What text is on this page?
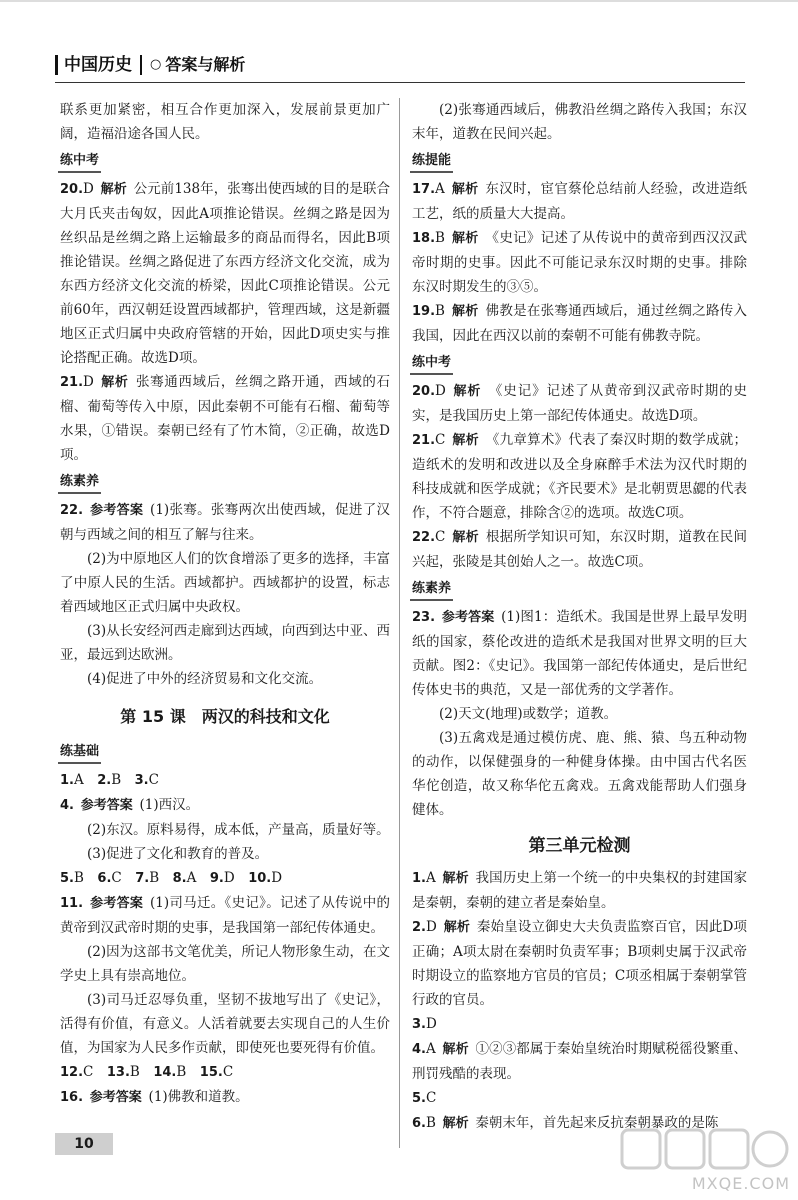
中国历史 ○ 答案与解析

联系更加紧密，相互合作更加深入，发展前景更加广阔，造福沿途各国人民。

练中考

20.D  解析  公元前138年，张骞出使西域的目的是联合大月氏夹击匈奴，因此A项推论错误。丝绸之路是因为丝织品是丝绸之路上运输最多的商品而得名，因此B项推论错误。丝绸之路促进了东西方经济文化交流，成为东西方经济文化交流的桥梁，因此C项推论错误。公元前60年，西汉朝廷设置西域都护，管理西域，这是新疆地区正式归属中央政府管辖的开始，因此D项史实与推论搭配正确。故选D项。

21.D  解析  张骞通西域后，丝绸之路开通，西域的石榴、葡萄等传入中原，因此秦朝不可能有石榴、葡萄等水果，①错误。秦朝已经有了竹木简，②正确，故选D项。

练素养

22.  参考答案  (1)张骞。张骞两次出使西域，促进了汉朝与西域之间的相互了解与往来。

(2)为中原地区人们的饮食增添了更多的选择，丰富了中原人民的生活。西域都护。西域都护的设置，标志着西域地区正式归属中央政权。

(3)从长安经河西走廊到达西域，向西到达中亚、西亚，最远到达欧洲。

(4)促进了中外的经济贸易和文化交流。

第 15 课 两汉的科技和文化
练基础

1.A  2.B  3.C

4.  参考答案  (1)西汉。

(2)东汉。原料易得，成本低，产量高，质量好等。

(3)促进了文化和教育的普及。

5.B  6.C  7.B  8.A  9.D  10.D

11.  参考答案  (1)司马迁。《史记》。记述了从传说中的黄帝到汉武帝时期的史事，是我国第一部纪传体通史。

(2)因为这部书文笔优美，所记人物形象生动，在文学史上具有崇高地位。

(3)司马迁忍辱负重，坚韧不拔地写出了《史记》，活得有价值，有意义。人活着就要去实现自己的人生价值，为国家为人民多作贡献，即使死也要死得有价值。

12.C  13.B  14.B  15.C

16.  参考答案  (1)佛教和道教。

(2)张骞通西域后，佛教沿丝绸之路传入我国；东汉末年，道教在民间兴起。

练提能

17.A  解析  东汉时，宦官蔡伦总结前人经验，改进造纸工艺，纸的质量大大提高。

18.B  解析  《史记》记述了从传说中的黄帝到西汉汉武帝时期的史事。因此不可能记录东汉时期的史事。排除东汉时期发生的③⑤。

19.B  解析  佛教是在张骞通西域后，通过丝绸之路传入我国，因此在西汉以前的秦朝不可能有佛教寺院。

练中考

20.D  解析  《史记》记述了从黄帝到汉武帝时期的史实，是我国历史上第一部纪传体通史。故选D项。

21.C  解析  《九章算术》代表了秦汉时期的数学成就；造纸术的发明和改进以及全身麻醉手术法为汉代时期的科技成就和医学成就；《齐民要术》是北朝贾思勰的代表作，不符合题意，排除含②的选项。故选C项。

22.C  解析  根据所学知识可知，东汉时期，道教在民间兴起，张陵是其创始人之一。故选C项。

练素养

23.  参考答案  (1)图1：造纸术。我国是世界上最早发明纸的国家，蔡伦改进的造纸术是我国对世界文明的巨大贡献。图2：《史记》。我国第一部纪传体通史，是后世纪传体史书的典范，又是一部优秀的文学著作。

(2)天文(地理)或数学；道教。

(3)五禽戏是通过模仿虎、鹿、熊、猿、鸟五种动物的动作，以保健强身的一种健身体操。由中国古代名医华佗创造，故又称华佗五禽戏。五禽戏能帮助人们强身健体。

第三单元检测

1.A  解析  我国历史上第一个统一的中央集权的封建国家是秦朝，秦朝的建立者是秦始皇。

2.D  解析  秦始皇设立御史大夫负责监察百官，因此D项正确；A项太尉在秦朝时负责军事；B项刺史属于汉武帝时期设立的监察地方官员的官员；C项丞相属于秦朝掌管行政的官员。

3.D

4.A  解析  ①②③都属于秦始皇统治时期赋税徭役繁重、刑罚残酷的表现。

5.C

6.B  解析  秦朝末年，首先起来反抗秦朝暴政的是陈

10
MXQE.COM
